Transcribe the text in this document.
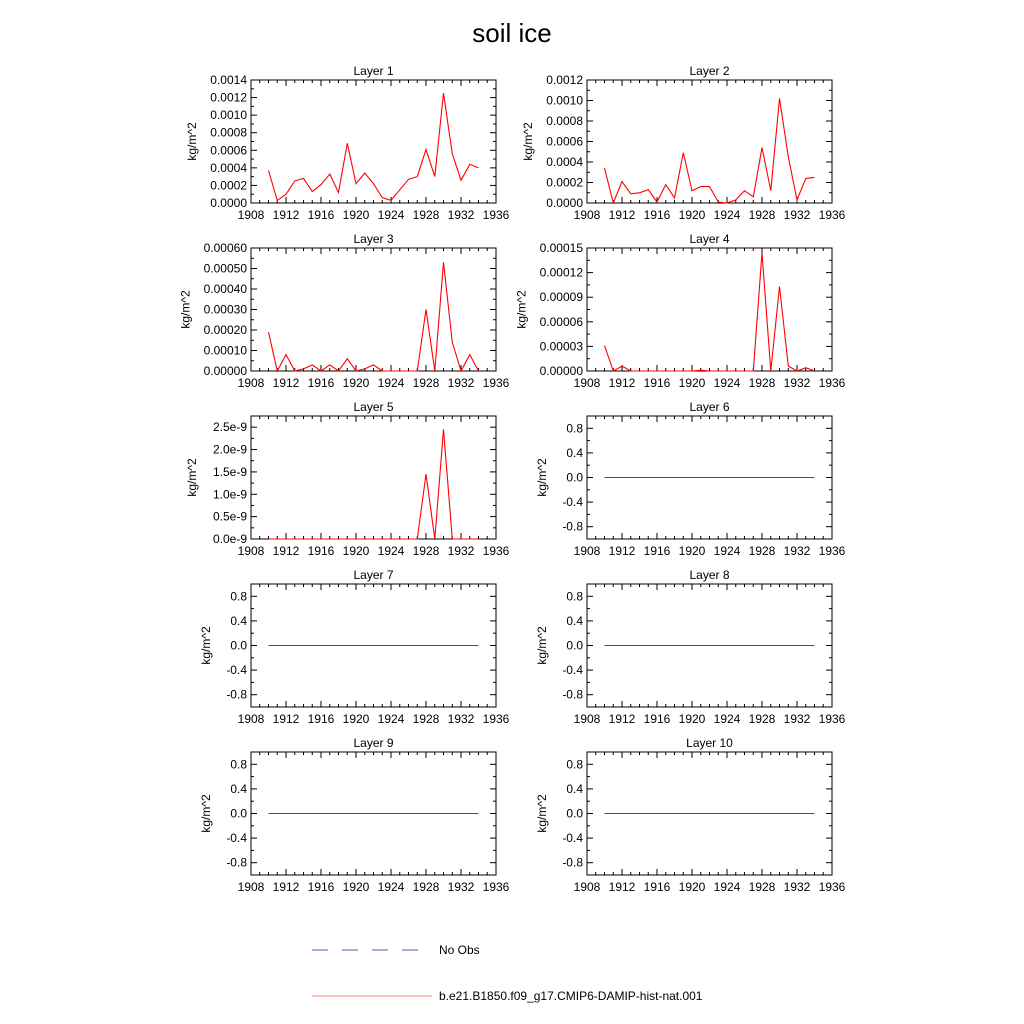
soil ice
Layer 1
1908 1912 1916 1920 1924 1928 1932 1936
0.0000
0.0002
0.0004
0.0006
0.0008
0.0010
0.0012
0.0014
kg/m^2
Layer 2
1908 1912 1916 1920 1924 1928 1932 1936
0.0000
0.0002
0.0004
0.0006
0.0008
0.0010
0.0012
kg/m^2
Layer 3
1908 1912 1916 1920 1924 1928 1932 1936
0.00000
0.00010
0.00020
0.00030
0.00040
0.00050
0.00060
kg/m^2
Layer 4
1908 1912 1916 1920 1924 1928 1932 1936
0.00000
0.00003
0.00006
0.00009
0.00012
0.00015
kg/m^2
Layer 5
1908 1912 1916 1920 1924 1928 1932 1936
0.0e-9
0.5e-9
1.0e-9
1.5e-9
2.0e-9
2.5e-9
kg/m^2
Layer 6
1908 1912 1916 1920 1924 1928 1932 1936
-0.8
-0.4
0.0
0.4
0.8
kg/m^2
Layer 7
1908 1912 1916 1920 1924 1928 1932 1936
-0.8
-0.4
0.0
0.4
0.8
kg/m^2
Layer 8
1908 1912 1916 1920 1924 1928 1932 1936
-0.8
-0.4
0.0
0.4
0.8
kg/m^2
Layer 9
1908 1912 1916 1920 1924 1928 1932 1936
-0.8
-0.4
0.0
0.4
0.8
kg/m^2
Layer 10
1908 1912 1916 1920 1924 1928 1932 1936
-0.8
-0.4
0.0
0.4
0.8
kg/m^2
No Obs
b.e21.B1850.f09_g17.CMIP6-DAMIP-hist-nat.001
